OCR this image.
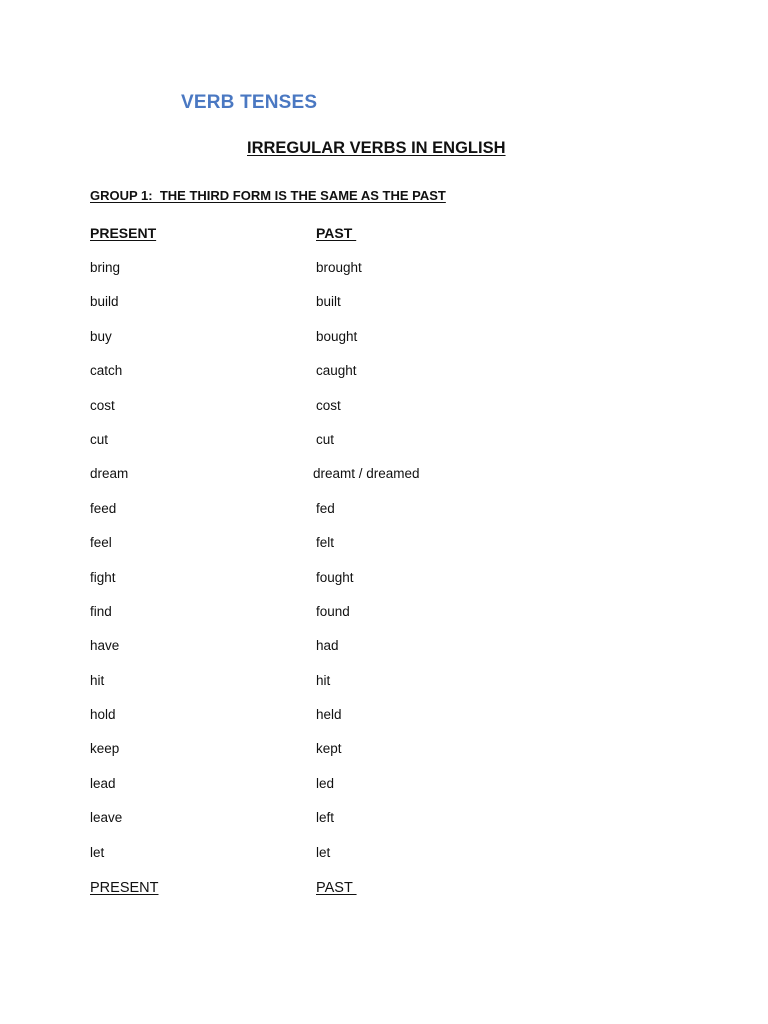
VERB TENSES
IRREGULAR VERBS IN ENGLISH
GROUP 1:  THE THIRD FORM IS THE SAME AS THE PAST
PRESENT	PAST
bring	brought
build	built
buy	bought
catch	caught
cost	cost
cut	cut
dream	dreamt / dreamed
feed	fed
feel	felt
fight	fought
find	found
have	had
hit	hit
hold	held
keep	kept
lead	led
leave	left
let	let
PRESENT	PAST
